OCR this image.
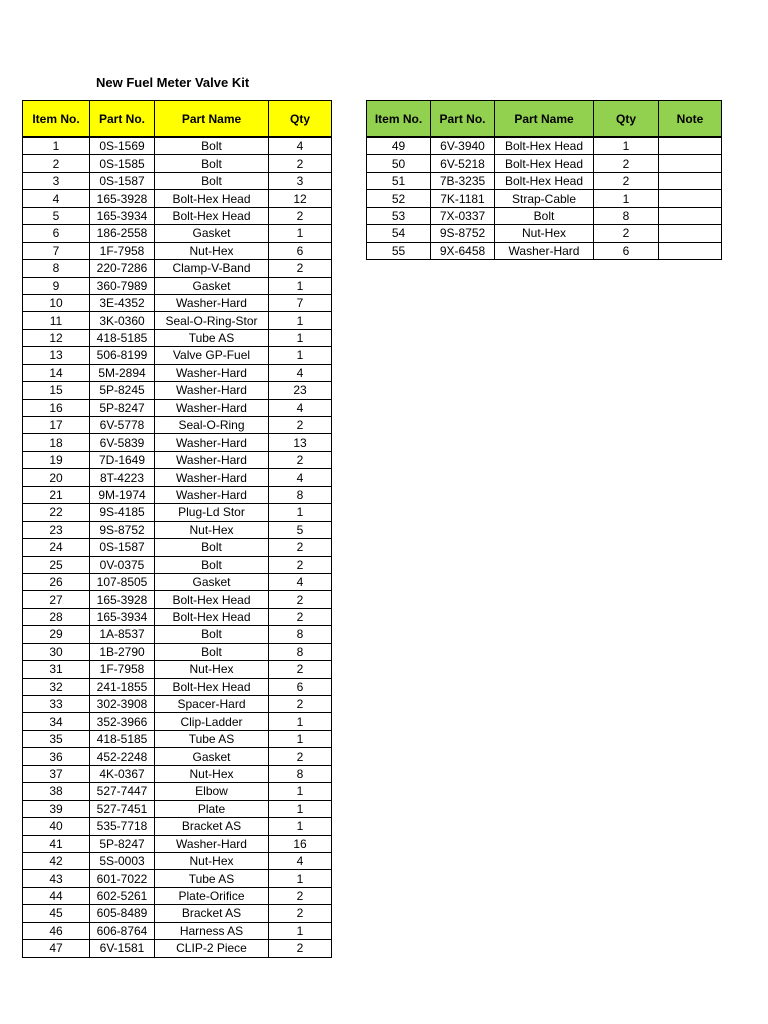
New Fuel Meter Valve Kit
Item No.	Part No.	Part Name	Qty
1	0S-1569	Bolt	4
2	0S-1585	Bolt	2
3	0S-1587	Bolt	3
4	165-3928	Bolt-Hex Head	12
5	165-3934	Bolt-Hex Head	2
6	186-2558	Gasket	1
7	1F-7958	Nut-Hex	6
8	220-7286	Clamp-V-Band	2
9	360-7989	Gasket	1
10	3E-4352	Washer-Hard	7
11	3K-0360	Seal-O-Ring-Stor	1
12	418-5185	Tube AS	1
13	506-8199	Valve GP-Fuel	1
14	5M-2894	Washer-Hard	4
15	5P-8245	Washer-Hard	23
16	5P-8247	Washer-Hard	4
17	6V-5778	Seal-O-Ring	2
18	6V-5839	Washer-Hard	13
19	7D-1649	Washer-Hard	2
20	8T-4223	Washer-Hard	4
21	9M-1974	Washer-Hard	8
22	9S-4185	Plug-Ld Stor	1
23	9S-8752	Nut-Hex	5
24	0S-1587	Bolt	2
25	0V-0375	Bolt	2
26	107-8505	Gasket	4
27	165-3928	Bolt-Hex Head	2
28	165-3934	Bolt-Hex Head	2
29	1A-8537	Bolt	8
30	1B-2790	Bolt	8
31	1F-7958	Nut-Hex	2
32	241-1855	Bolt-Hex Head	6
33	302-3908	Spacer-Hard	2
34	352-3966	Clip-Ladder	1
35	418-5185	Tube AS	1
36	452-2248	Gasket	2
37	4K-0367	Nut-Hex	8
38	527-7447	Elbow	1
39	527-7451	Plate	1
40	535-7718	Bracket AS	1
41	5P-8247	Washer-Hard	16
42	5S-0003	Nut-Hex	4
43	601-7022	Tube AS	1
44	602-5261	Plate-Orifice	2
45	605-8489	Bracket AS	2
46	606-8764	Harness AS	1
47	6V-1581	CLIP-2 Piece	2
Item No.	Part No.	Part Name	Qty	Note
49	6V-3940	Bolt-Hex Head	1	
50	6V-5218	Bolt-Hex Head	2	
51	7B-3235	Bolt-Hex Head	2	
52	7K-1181	Strap-Cable	1	
53	7X-0337	Bolt	8	
54	9S-8752	Nut-Hex	2	
55	9X-6458	Washer-Hard	6	
